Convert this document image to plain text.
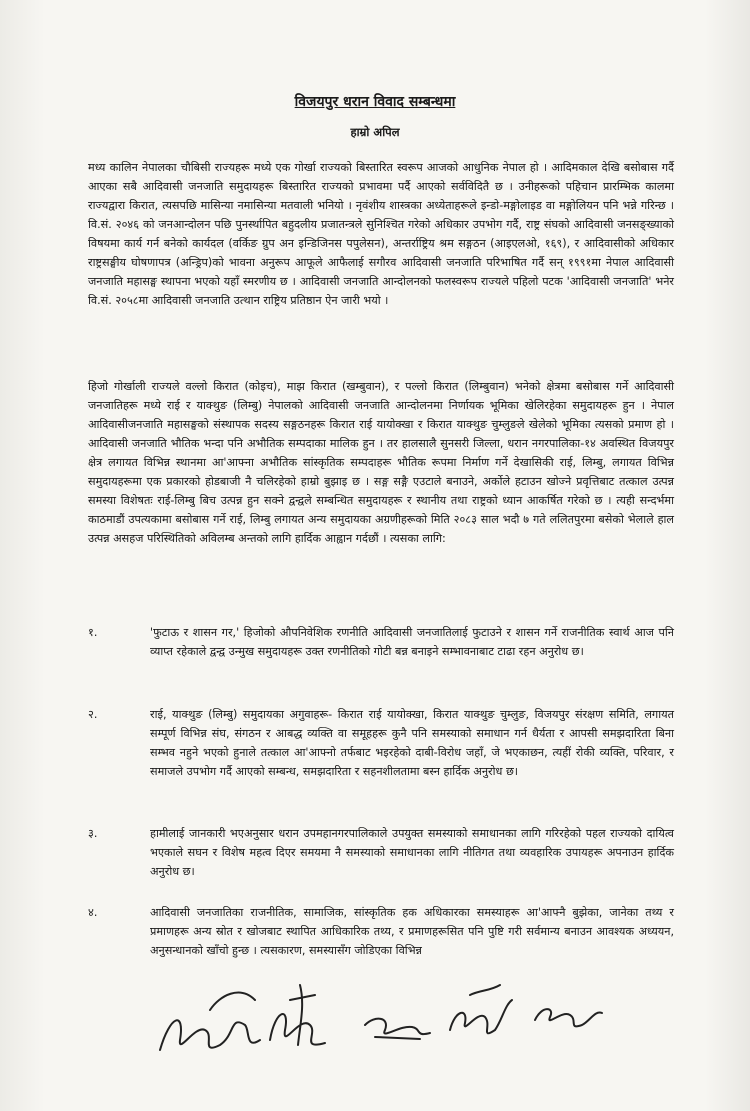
विजयपुर धरान विवाद सम्बन्धमा
हाम्रो अपिल
मध्य कालिन नेपालका चौबिसी राज्यहरू मध्ये एक गोर्खा राज्यको बिस्तारित स्वरूप आजको आधुनिक नेपाल हो । आदिमकाल देखि बसोबास गर्दै आएका सबै आदिवासी जनजाति समुदायहरू बिस्तारित राज्यको प्रभावमा पर्दै आएको सर्वविदितै छ । उनीहरूको पहिचान प्रारम्भिक कालमा राज्यद्वारा किरात, त्यसपछि मासिन्या नमासिन्या मतवाली भनियो । नृवंशीय शास्त्रका अध्येताहरूले इन्डो-मङ्गोलाइड वा मङ्गोलियन पनि भन्ने गरिन्छ । वि.सं. २०४६ को जनआन्दोलन पछि पुनर्स्थापित बहुदलीय प्रजातन्त्रले सुनिश्चित गरेको अधिकार उपभोग गर्दै, राष्ट्र संघको आदिवासी जनसङ्ख्याको विषयमा कार्य गर्न बनेको कार्यदल (वर्किङ ग्रुप अन इन्डिजिनस पपुलेसन), अन्तर्राष्ट्रिय श्रम सङ्गठन (आइएलओ, १६९), र आदिवासीको अधिकार राष्ट्रसङ्घीय घोषणापत्र (अन्ड्रिप)को भावना अनुरूप आफूले आफैलाई सगौरव आदिवासी जनजाति परिभाषित गर्दै सन् १९९१मा नेपाल आदिवासी जनजाति महासङ्घ स्थापना भएको यहाँ स्मरणीय छ । आदिवासी जनजाति आन्दोलनको फलस्वरूप राज्यले पहिलो पटक 'आदिवासी जनजाति' भनेर वि.सं. २०५८मा आदिवासी जनजाति उत्थान राष्ट्रिय प्रतिष्ठान ऐन जारी भयो ।
हिजो गोर्खाली राज्यले वल्लो किरात (कोइच), माझ किरात (खम्बुवान), र पल्लो किरात (लिम्बुवान) भनेको क्षेत्रमा बसोबास गर्ने आदिवासी जनजातिहरू मध्ये राई र याक्थुङ (लिम्बु) नेपालको आदिवासी जनजाति आन्दोलनमा निर्णायक भूमिका खेलिरहेका समुदायहरू हुन । नेपाल आदिवासीजनजाति महासङ्घको संस्थापक सदस्य सङ्गठनहरू किरात राई यायोक्खा र किरात याक्थुङ चुम्लुङले खेलेको भूमिका त्यसको प्रमाण हो । आदिवासी जनजाति भौतिक भन्दा पनि अभौतिक सम्पदाका मालिक हुन । तर हालसालै सुनसरी जिल्ला, धरान नगरपालिका-१४ अवस्थित विजयपुर क्षेत्र लगायत विभिन्न स्थानमा आ'आफ्ना अभौतिक सांस्कृतिक सम्पदाहरू भौतिक रूपमा निर्माण गर्ने देखासिकी राई, लिम्बु, लगायत विभिन्न समुदायहरूमा एक प्रकारको होडबाजी नै चलिरहेको हाम्रो बुझाइ छ । सङ्ग सङ्गै एउटाले बनाउने, अर्कोले हटाउन खोज्ने प्रवृत्तिबाट तत्काल उत्पन्न समस्या विशेषतः राई-लिम्बु बिच उत्पन्न हुन सक्ने द्वन्द्वले सम्बन्धित समुदायहरू र स्थानीय तथा राष्ट्रको ध्यान आकर्षित गरेको छ । त्यही सन्दर्भमा काठमाडौं उपत्यकामा बसोबास गर्ने राई, लिम्बु लगायत अन्य समुदायका अग्रणीहरूको मिति २०८३ साल भदौ ७ गते ललितपुरमा बसेको भेलाले हाल उत्पन्न असहज परिस्थितिको अविलम्ब अन्तको लागि हार्दिक आह्वान गर्दछौं । त्यसका लागि:
१.	'फुटाऊ र शासन गर,' हिजोको औपनिवेशिक रणनीति आदिवासी जनजातिलाई फुटाउने र शासन गर्ने राजनीतिक स्वार्थ आज पनि व्याप्त रहेकाले द्वन्द्व उन्मुख समुदायहरू उक्त रणनीतिको गोटी बन्न बनाइने सम्भावनाबाट टाढा रहन अनुरोध छ।
२.	राई, याक्थुङ (लिम्बु) समुदायका अगुवाहरू- किरात राई यायोक्खा, किरात याक्थुङ चुम्लुङ, विजयपुर संरक्षण समिति, लगायत सम्पूर्ण विभिन्न संघ, संगठन र आबद्ध व्यक्ति वा समूहहरू कुनै पनि समस्याको समाधान गर्न धैर्यता र आपसी समझदारिता बिना सम्भव नहुने भएको हुनाले तत्काल आ'आफ्नो तर्फबाट भइरहेको दाबी-विरोध जहाँ, जे भएकाछन, त्यहीं रोकी व्यक्ति, परिवार, र समाजले उपभोग गर्दै आएको सम्बन्ध, समझदारिता र सहनशीलतामा बस्न हार्दिक अनुरोध छ।
३.	हामीलाई जानकारी भएअनुसार धरान उपमहानगरपालिकाले उपयुक्त समस्याको समाधानका लागि गरिरहेको पहल राज्यको दायित्व भएकाले सघन र विशेष महत्व दिएर समयमा नै समस्याको समाधानका लागि नीतिगत तथा व्यवहारिक उपायहरू अपनाउन हार्दिक अनुरोध छ।
४.	आदिवासी जनजातिका राजनीतिक, सामाजिक, सांस्कृतिक हक अधिकारका समस्याहरू आ'आफ्नै बुझेका, जानेका तथ्य र प्रमाणहरू अन्य स्रोत र खोजबाट स्थापित आधिकारिक तथ्य, र प्रमाणहरूसित पनि पुष्टि गरी सर्वमान्य बनाउन आवश्यक अध्ययन, अनुसन्धानको खाँचो हुन्छ । त्यसकारण, समस्यासँग जोडिएका विभिन्न
